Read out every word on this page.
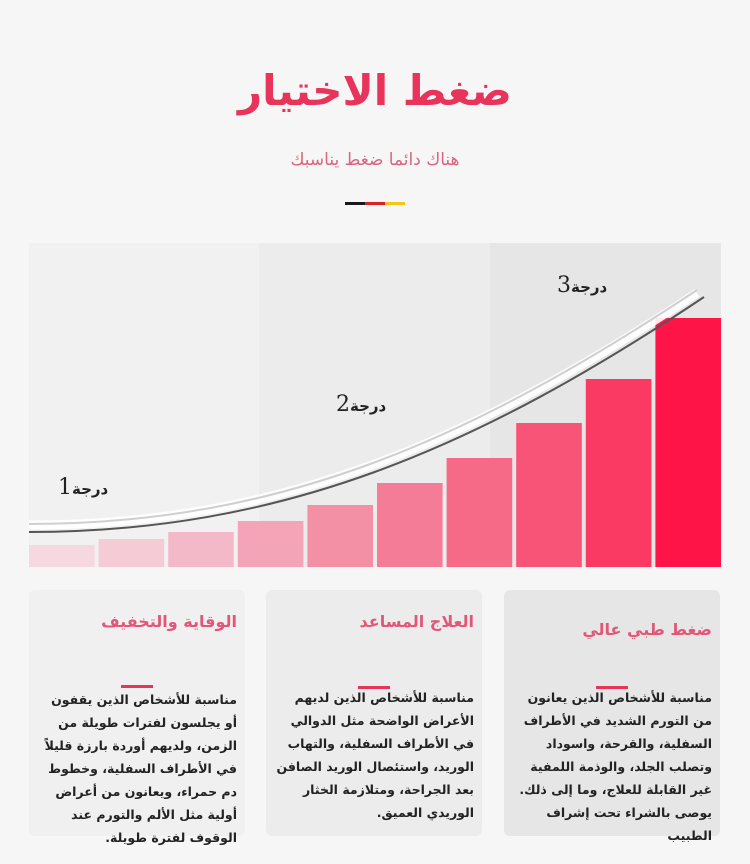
ضغط الاختيار
هناك دائما ضغط يناسبك
درجة1
درجة2
درجة3
ضغط طبي عالي

مناسبة للأشخاص الذين يعانون من التورم الشديد في الأطراف السفلية، والقرحة، واسوداد وتصلب الجلد، والوذمة اللمفية غير القابلة للعلاج، وما إلى ذلك. يوصى بالشراء تحت إشراف الطبيب

العلاج المساعد

مناسبة للأشخاص الذين لديهم الأعراض الواضحة مثل الدوالي في الأطراف السفلية، والتهاب الوريد، واستئصال الوريد الصافن بعد الجراحة، ومتلازمة الخثار الوريدي العميق.

الوقاية والتخفيف

مناسبة للأشخاص الذين يقفون أو يجلسون لفترات طويلة من الزمن، ولديهم أوردة بارزة قليلاً في الأطراف السفلية، وخطوط دم حمراء، ويعانون من أعراض أولية مثل الألم والتورم عند الوقوف لفترة طويلة.
